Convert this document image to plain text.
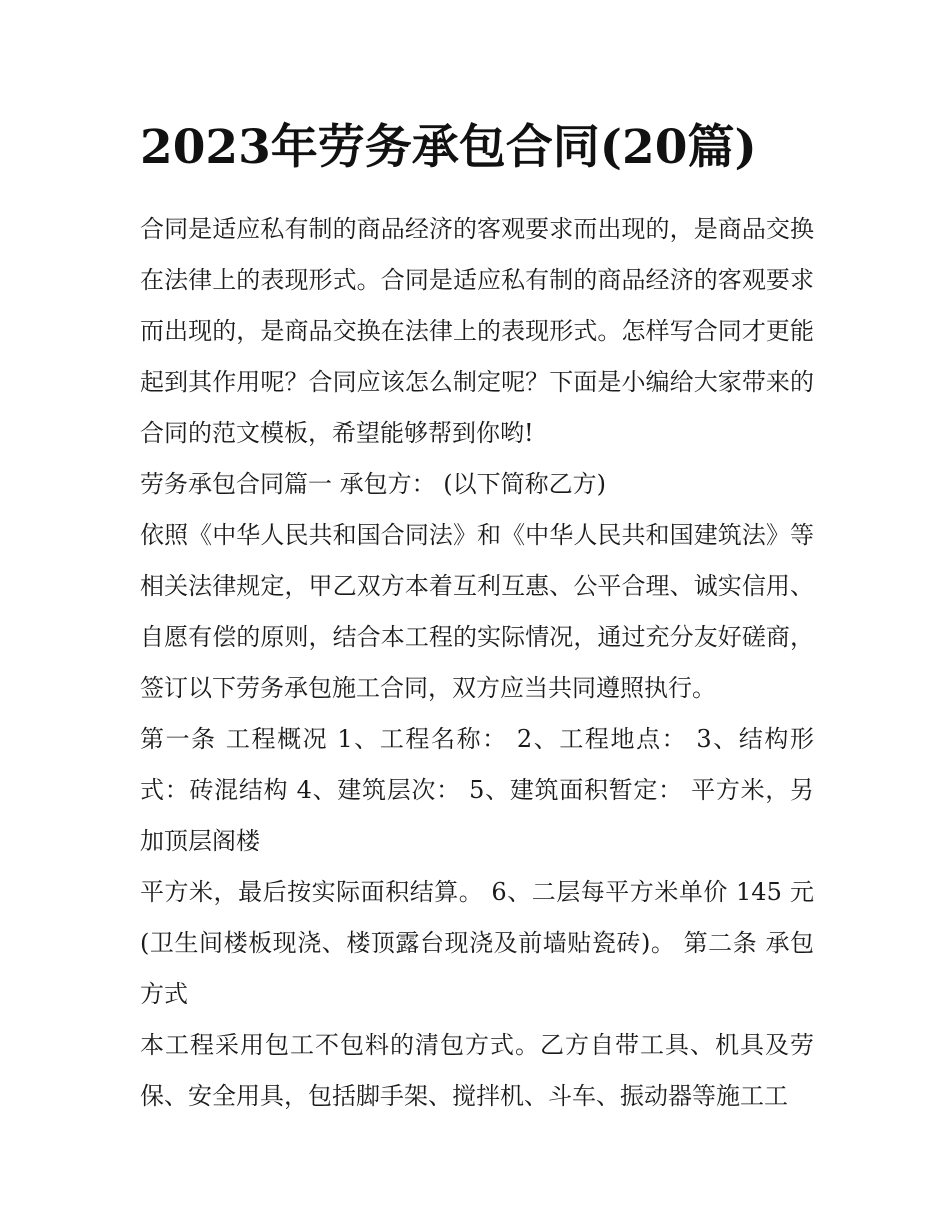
2023年劳务承包合同(20篇)

合同是适应私有制的商品经济的客观要求而出现的，是商品交换在法律上的表现形式。合同是适应私有制的商品经济的客观要求而出现的，是商品交换在法律上的表现形式。怎样写合同才更能起到其作用呢？合同应该怎么制定呢？下面是小编给大家带来的合同的范文模板，希望能够帮到你哟!

劳务承包合同篇一 承包方： (以下简称乙方)

依照《中华人民共和国合同法》和《中华人民共和国建筑法》等相关法律规定，甲乙双方本着互利互惠、公平合理、诚实信用、自愿有偿的原则，结合本工程的实际情况，通过充分友好磋商，签订以下劳务承包施工合同，双方应当共同遵照执行。

第一条 工程概况 1、工程名称： 2、工程地点： 3、结构形式：砖混结构 4、建筑层次： 5、建筑面积暂定： 平方米，另加顶层阁楼

平方米，最后按实际面积结算。 6、二层每平方米单价 145 元(卫生间楼板现浇、楼顶露台现浇及前墙贴瓷砖)。 第二条 承包方式

本工程采用包工不包料的清包方式。乙方自带工具、机具及劳保、安全用具，包括脚手架、搅拌机、斗车、振动器等施工工
